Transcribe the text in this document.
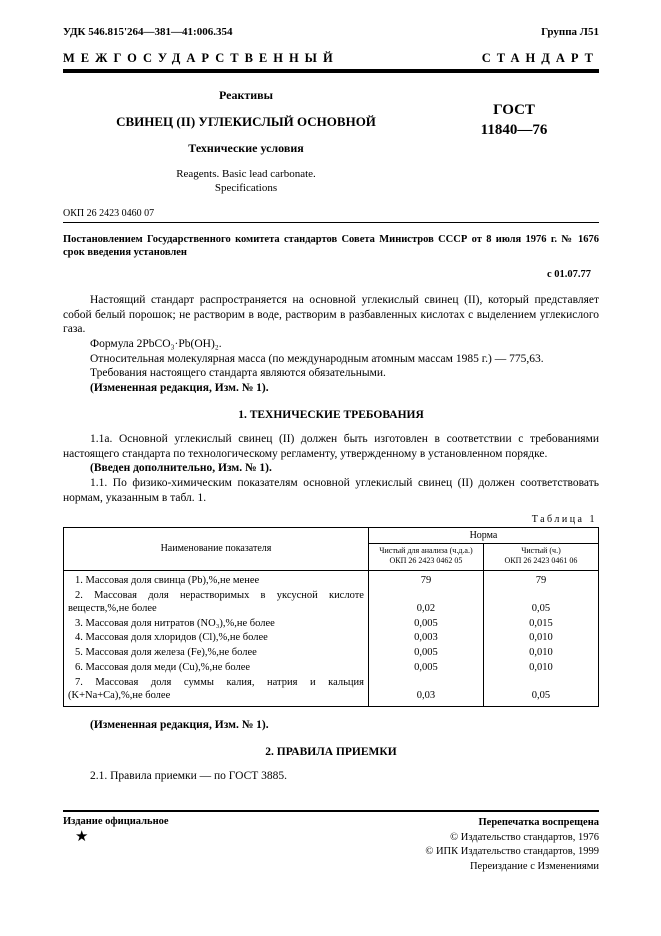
УДК 546.815'264—381—41:006.354	Группа Л51
МЕЖГОСУДАРСТВЕННЫЙ	СТАНДАРТ
Реактивы
СВИНЕЦ (II) УГЛЕКИСЛЫЙ ОСНОВНОЙ
Технические условия
Reagents. Basic lead carbonate.
Specifications
ГОСТ
11840—76
ОКП 26 2423 0460 07
Постановлением Государственного комитета стандартов Совета Министров СССР от 8 июля 1976 г. № 1676 срок введения установлен
с 01.07.77

Настоящий стандарт распространяется на основной углекислый свинец (II), который представляет собой белый порошок; не растворим в воде, растворим в разбавленных кислотах с выделением углекислого газа.

Формула 2PbCO₃·Pb(OH)₂.

Относительная молекулярная масса (по международным атомным массам 1985 г.) — 775,63.

Требования настоящего стандарта являются обязательными.

(Измененная редакция, Изм. № 1).

1. ТЕХНИЧЕСКИЕ ТРЕБОВАНИЯ

1.1а. Основной углекислый свинец (II) должен быть изготовлен в соответствии с требованиями настоящего стандарта по технологическому регламенту, утвержденному в установленном порядке.

(Введен дополнительно, Изм. № 1).

1.1. По физико-химическим показателям основной углекислый свинец (II) должен соответствовать нормам, указанным в табл. 1.

Таблица 1
Наименование показателя	Норма	

Чистый для анализа (ч.д.а.)
ОКП 26 2423 0462 05

Чистый (ч.)
ОКП 26 2423 0461 06

1. Массовая доля свинца (Pb),%,не менее	79	79
2. Массовая доля нерастворимых в уксусной кислоте веществ,%,не более	0,02	0,05
3. Массовая доля нитратов (NO₃),%,не более	0,005	0,015
4. Массовая доля хлоридов (Cl),%,не более	0,003	0,010
5. Массовая доля железа (Fe),%,не более	0,005	0,010
6. Массовая доля меди (Cu),%,не более	0,005	0,010
7. Массовая доля суммы калия, натрия и кальция (K+Na+Ca),%,не более	0,03	0,05

(Измененная редакция, Изм. № 1).

2. ПРАВИЛА ПРИЕМКИ

2.1. Правила приемки — по ГОСТ 3885.

Издание официальное
★
Перепечатка воспрещена
© Издательство стандартов, 1976
© ИПК Издательство стандартов, 1999
Переиздание с Изменениями
